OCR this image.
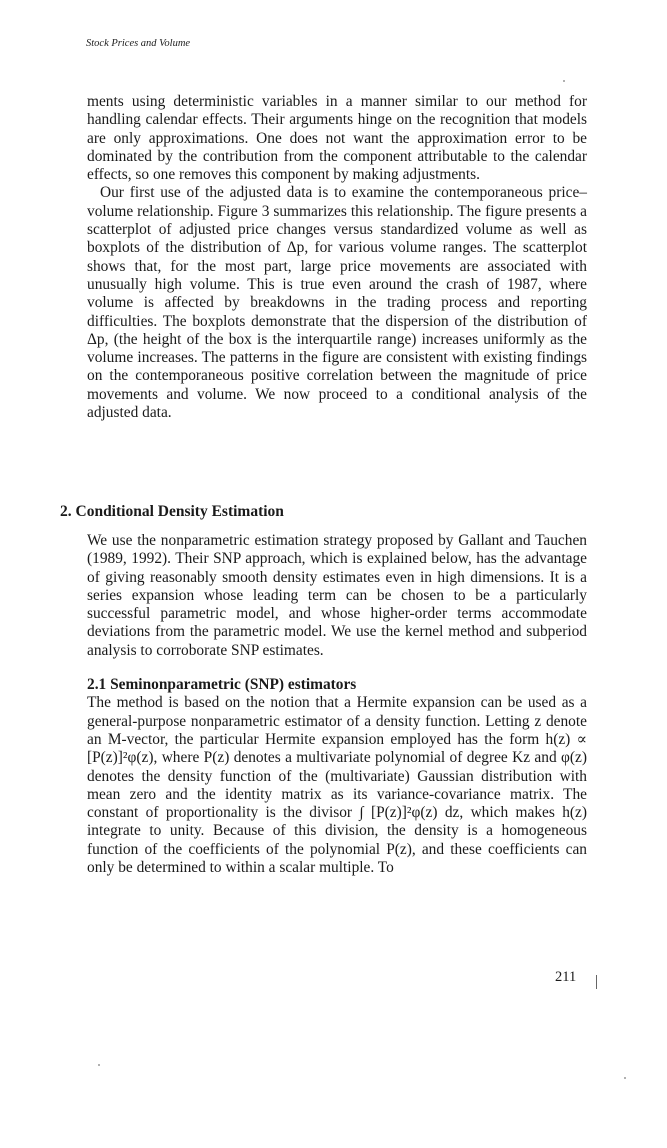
Stock Prices and Volume

ments using deterministic variables in a manner similar to our method for handling calendar effects. Their arguments hinge on the recognition that models are only approximations. One does not want the approximation error to be dominated by the contribution from the component attributable to the calendar effects, so one removes this component by making adjustments.

Our first use of the adjusted data is to examine the contemporaneous price–volume relationship. Figure 3 summarizes this relationship. The figure presents a scatterplot of adjusted price changes versus standardized volume as well as boxplots of the distribution of Δp, for various volume ranges. The scatterplot shows that, for the most part, large price movements are associated with unusually high volume. This is true even around the crash of 1987, where volume is affected by breakdowns in the trading process and reporting difficulties. The boxplots demonstrate that the dispersion of the distribution of Δp, (the height of the box is the interquartile range) increases uniformly as the volume increases. The patterns in the figure are consistent with existing findings on the contemporaneous positive correlation between the magnitude of price movements and volume. We now proceed to a conditional analysis of the adjusted data.

2. Conditional Density Estimation

We use the nonparametric estimation strategy proposed by Gallant and Tauchen (1989, 1992). Their SNP approach, which is explained below, has the advantage of giving reasonably smooth density estimates even in high dimensions. It is a series expansion whose leading term can be chosen to be a particularly successful parametric model, and whose higher-order terms accommodate deviations from the parametric model. We use the kernel method and subperiod analysis to corroborate SNP estimates.

2.1 Seminonparametric (SNP) estimators

The method is based on the notion that a Hermite expansion can be used as a general-purpose nonparametric estimator of a density function. Letting z denote an M-vector, the particular Hermite expansion employed has the form h(z) ∝ [P(z)]²φ(z), where P(z) denotes a multivariate polynomial of degree Kz and φ(z) denotes the density function of the (multivariate) Gaussian distribution with mean zero and the identity matrix as its variance-covariance matrix. The constant of proportionality is the divisor ∫ [P(z)]²φ(z) dz, which makes h(z) integrate to unity. Because of this division, the density is a homogeneous function of the coefficients of the polynomial P(z), and these coefficients can only be determined to within a scalar multiple. To

211
